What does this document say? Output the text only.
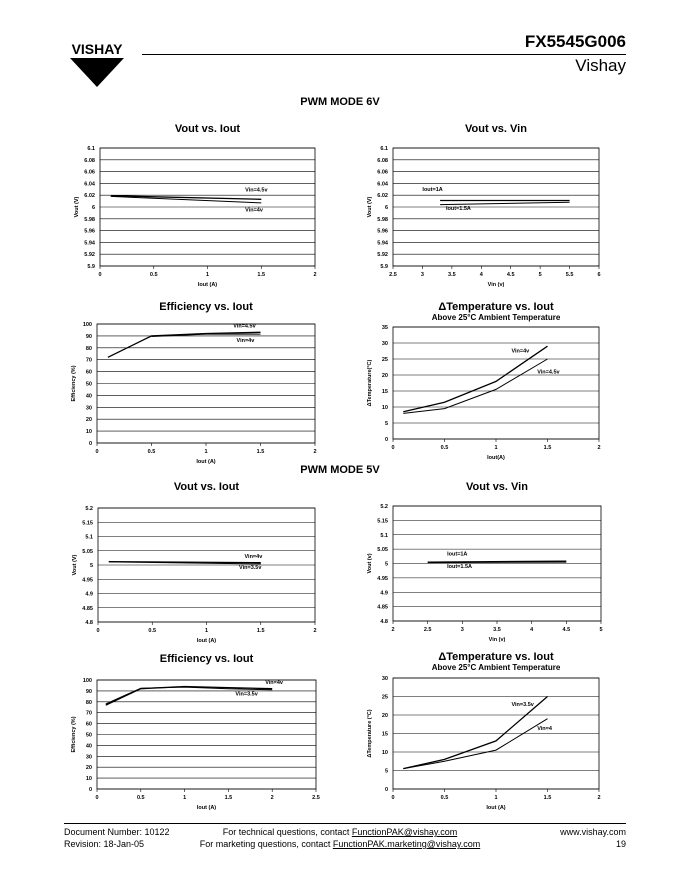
VISHAY	FX5545G006
Vishay
PWM MODE 6V
PWM MODE 5V
Vout vs. Iout
5.9
5.92
5.94
5.96
5.98
6
6.02
6.04
6.06
6.08
6.1
0	0.5	1	1.5	2
Iout (A)
Vout (V)
Vin=4.5v
Vin=4v
Vout vs. Vin
5.9
5.92
5.94
5.96
5.98
6
6.02
6.04
6.06
6.08
6.1
2.5	3	3.5	4	4.5	5	5.5	6
Vin (v)
Vout (V)
Iout=1A
Iout=1.5A
Efficiency vs. Iout
0
10
20
30
40
50
60
70
80
90
100
0	0.5	1	1.5	2
Iout (A)
Efficiency (%)
Vin=4.5v
Vin=4v
ΔTemperature vs. Iout
Above 25°C Ambient Temperature
0
5
10
15
20
25
30
35
0	0.5	1	1.5	2
Iout(A)
ΔTemperature(°C)
Vin=4v
Vin=4.5v
Vout vs. Iout
4.8
4.85
4.9
4.95
5
5.05
5.1
5.15
5.2
0	0.5	1	1.5	2
Iout (A)
Vout (V)	Vin=4v
Vin=3.5v
Vout vs. Vin
4.8
4.85
4.9
4.95
5
5.05
5.1
5.15
5.2
2	2.5	3	3.5	4	4.5	5
Vin (v)
Vout (v)	Iout=1A
Iout=1.5A
Efficiency vs. Iout
0
10
20
30
40
50
60
70
80
90
100
0	0.5	1	1.5	2	2.5
Iout (A)
Efficiency (%)
Vin=4v
Vin=3.5v
ΔTemperature vs. Iout
Above 25°C Ambient Temperature
0
5
10
15
20
25
30
0	0.5	1	1.5	2
Iout (A)
ΔTemperature (°C)
Vin=3.5v
Vin=4
Document Number: 10122
Revision: 18-Jan-05
For technical questions, contact FunctionPAK@vishay.com
For marketing questions, contact FunctionPAK.marketing@vishay.com
www.vishay.com
19
